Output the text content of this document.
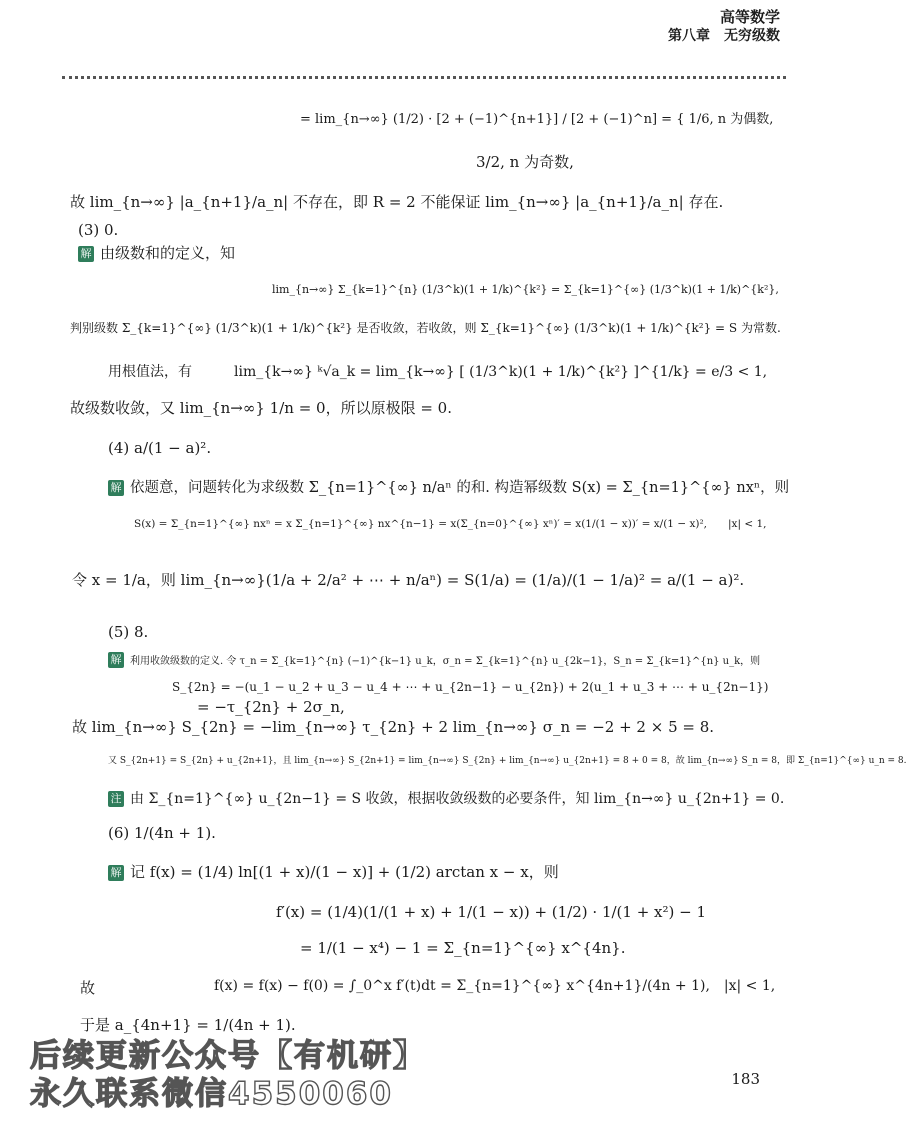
高等数学
第八章　无穷级数
= lim_{n→∞} (1/2) · [2 + (−1)^{n+1}] / [2 + (−1)^n] = { 1/6, n 为偶数,
3/2, n 为奇数,
故 lim_{n→∞} |a_{n+1}/a_n| 不存在，即 R = 2 不能保证 lim_{n→∞} |a_{n+1}/a_n| 存在.
(3) 0.
解 由级数和的定义，知
lim_{n→∞} Σ_{k=1}^{n} (1/3^k)(1 + 1/k)^{k²} = Σ_{k=1}^{∞} (1/3^k)(1 + 1/k)^{k²},
判别级数 Σ_{k=1}^{∞} (1/3^k)(1 + 1/k)^{k²} 是否收敛，若收敛，则 Σ_{k=1}^{∞} (1/3^k)(1 + 1/k)^{k²} = S 为常数.
用根值法，有　　　lim_{k→∞} ᵏ√a_k = lim_{k→∞} [ (1/3^k)(1 + 1/k)^{k²} ]^{1/k} = e/3 < 1,
故级数收敛，又 lim_{n→∞} 1/n = 0，所以原极限 = 0.
(4) a/(1 − a)².
解 依题意，问题转化为求级数 Σ_{n=1}^{∞} n/aⁿ 的和. 构造幂级数 S(x) = Σ_{n=1}^{∞} nxⁿ，则
S(x) = Σ_{n=1}^{∞} nxⁿ = x Σ_{n=1}^{∞} nx^{n−1} = x(Σ_{n=0}^{∞} xⁿ)′ = x(1/(1 − x))′ = x/(1 − x)²,　　|x| < 1,
令 x = 1/a，则 lim_{n→∞}(1/a + 2/a² + ⋯ + n/aⁿ) = S(1/a) = (1/a)/(1 − 1/a)² = a/(1 − a)².
(5) 8.
解 利用收敛级数的定义. 令 τ_n = Σ_{k=1}^{n} (−1)^{k−1} u_k，σ_n = Σ_{k=1}^{n} u_{2k−1}，S_n = Σ_{k=1}^{n} u_k，则
S_{2n} = −(u_1 − u_2 + u_3 − u_4 + ⋯ + u_{2n−1} − u_{2n}) + 2(u_1 + u_3 + ⋯ + u_{2n−1})
= −τ_{2n} + 2σ_n,
故 lim_{n→∞} S_{2n} = −lim_{n→∞} τ_{2n} + 2 lim_{n→∞} σ_n = −2 + 2 × 5 = 8.
又 S_{2n+1} = S_{2n} + u_{2n+1}，且 lim_{n→∞} S_{2n+1} = lim_{n→∞} S_{2n} + lim_{n→∞} u_{2n+1} = 8 + 0 = 8，故 lim_{n→∞} S_n = 8，即 Σ_{n=1}^{∞} u_n = 8.
注 由 Σ_{n=1}^{∞} u_{2n−1} = S 收敛，根据收敛级数的必要条件，知 lim_{n→∞} u_{2n+1} = 0.
(6) 1/(4n + 1).
解 记 f(x) = (1/4) ln[(1 + x)/(1 − x)] + (1/2) arctan x − x，则
f′(x) = (1/4)(1/(1 + x) + 1/(1 − x)) + (1/2) · 1/(1 + x²) − 1
= 1/(1 − x⁴) − 1 = Σ_{n=1}^{∞} x^{4n}.
故	f(x) = f(x) − f(0) = ∫_0^x f′(t)dt = Σ_{n=1}^{∞} x^{4n+1}/(4n + 1),　|x| < 1,
于是 a_{4n+1} = 1/(4n + 1).
后续更新公众号【有机研】
永久联系微信4550060	183
